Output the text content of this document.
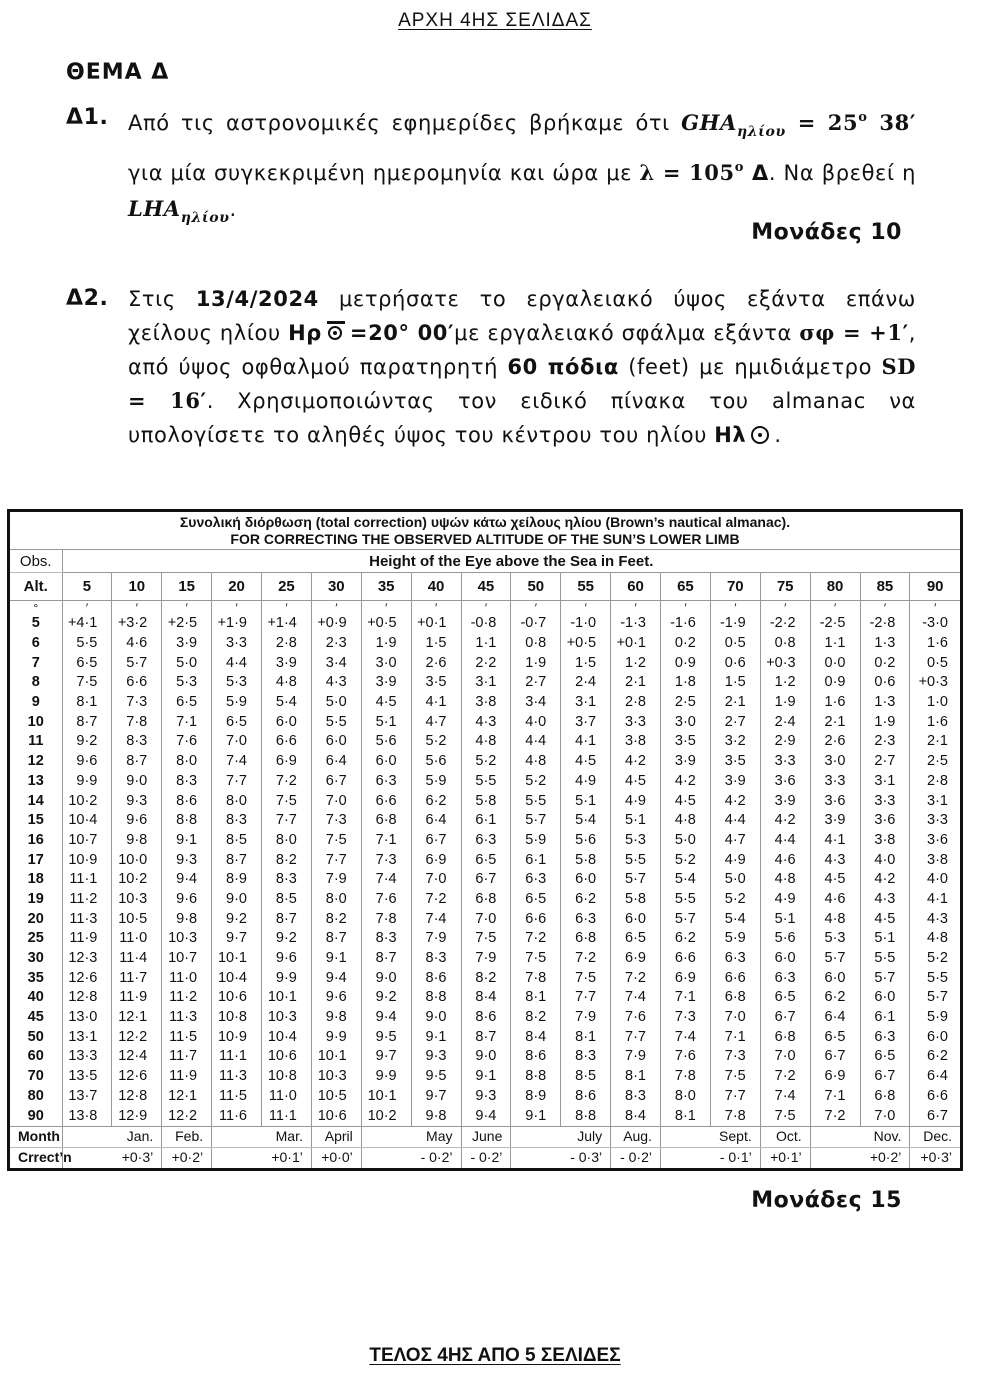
ΑΡΧΗ 4ΗΣ ΣΕΛΙΔΑΣ
ΘΕΜΑ Δ
Δ1. Από τις αστρονομικές εφημερίδες βρήκαμε ότι $GHA_{\eta\lambda ίo\upsilon} = 25^o$ 38′ για μία συγκεκριμένη ημερομηνία και ώρα με $\lambda = 105^o$ Δ. Να βρεθεί η $LHA_{\eta\lambda ίo\upsilon}$.
Μονάδες 10
Δ2. Στις 13/4/2024 μετρήσατε το εργαλειακό ύψος εξάντα επάνω χείλους ηλίου Ηρ =20° 00′με εργαλειακό σφάλμα εξάντα σφ = +1′, από ύψος οφθαλμού παρατηρητή 60 πόδια (feet) με ημιδιάμετρο SD = 16′. Χρησιμοποιώντας τον ειδικό πίνακα του almanac να υπολογίσετε το αληθές ύψος του κέντρου του ηλίου Ηλ .
Συνολική διόρθωση (total correction) υψών κάτω χείλους ηλίου (Brown’s nautical almanac).
FOR CORRECTING THE OBSERVED ALTITUDE OF THE SUN’S LOWER LIMB																		

Obs.	Height of the Eye above the Sea in Feet.																	
Alt.	5	10	15	20	25	30	35	40	45	50	55	60	65	70	75	80	85	90
°	′	′	′	′	′	′	′	′	′	′	′	′	′	′	′	′	′	′
5	+4·1	+3·2	+2·5	+1·9	+1·4	+0·9	+0·5	+0·1	-0·8	-0·7	-1·0	-1·3	-1·6	-1·9	-2·2	-2·5	-2·8	-3·0
6	5·5	4·6	3·9	3·3	2·8	2·3	1·9	1·5	1·1	0·8	+0·5	+0·1	0·2	0·5	0·8	1·1	1·3	1·6
7	6·5	5·7	5·0	4·4	3·9	3·4	3·0	2·6	2·2	1·9	1·5	1·2	0·9	0·6	+0·3	0·0	0·2	0·5
8	7·5	6·6	5·3	5·3	4·8	4·3	3·9	3·5	3·1	2·7	2·4	2·1	1·8	1·5	1·2	0·9	0·6	+0·3
9	8·1	7·3	6·5	5·9	5·4	5·0	4·5	4·1	3·8	3·4	3·1	2·8	2·5	2·1	1·9	1·6	1·3	1·0
10	8·7	7·8	7·1	6·5	6·0	5·5	5·1	4·7	4·3	4·0	3·7	3·3	3·0	2·7	2·4	2·1	1·9	1·6
11	9·2	8·3	7·6	7·0	6·6	6·0	5·6	5·2	4·8	4·4	4·1	3·8	3·5	3·2	2·9	2·6	2·3	2·1
12	9·6	8·7	8·0	7·4	6·9	6·4	6·0	5·6	5·2	4·8	4·5	4·2	3·9	3·5	3·3	3·0	2·7	2·5
13	9·9	9·0	8·3	7·7	7·2	6·7	6·3	5·9	5·5	5·2	4·9	4·5	4·2	3·9	3·6	3·3	3·1	2·8
14	10·2	9·3	8·6	8·0	7·5	7·0	6·6	6·2	5·8	5·5	5·1	4·9	4·5	4·2	3·9	3·6	3·3	3·1
15	10·4	9·6	8·8	8·3	7·7	7·3	6·8	6·4	6·1	5·7	5·4	5·1	4·8	4·4	4·2	3·9	3·6	3·3
16	10·7	9·8	9·1	8·5	8·0	7·5	7·1	6·7	6·3	5·9	5·6	5·3	5·0	4·7	4·4	4·1	3·8	3·6
17	10·9	10·0	9·3	8·7	8·2	7·7	7·3	6·9	6·5	6·1	5·8	5·5	5·2	4·9	4·6	4·3	4·0	3·8
18	11·1	10·2	9·4	8·9	8·3	7·9	7·4	7·0	6·7	6·3	6·0	5·7	5·4	5·0	4·8	4·5	4·2	4·0
19	11·2	10·3	9·6	9·0	8·5	8·0	7·6	7·2	6·8	6·5	6·2	5·8	5·5	5·2	4·9	4·6	4·3	4·1
20	11·3	10·5	9·8	9·2	8·7	8·2	7·8	7·4	7·0	6·6	6·3	6·0	5·7	5·4	5·1	4·8	4·5	4·3
25	11·9	11·0	10·3	9·7	9·2	8·7	8·3	7·9	7·5	7·2	6·8	6·5	6·2	5·9	5·6	5·3	5·1	4·8
30	12·3	11·4	10·7	10·1	9·6	9·1	8·7	8·3	7·9	7·5	7·2	6·9	6·6	6·3	6·0	5·7	5·5	5·2
35	12·6	11·7	11·0	10·4	9·9	9·4	9·0	8·6	8·2	7·8	7·5	7·2	6·9	6·6	6·3	6·0	5·7	5·5
40	12·8	11·9	11·2	10·6	10·1	9·6	9·2	8·8	8·4	8·1	7·7	7·4	7·1	6·8	6·5	6·2	6·0	5·7
45	13·0	12·1	11·3	10·8	10·3	9·8	9·4	9·0	8·6	8·2	7·9	7·6	7·3	7·0	6·7	6·4	6·1	5·9
50	13·1	12·2	11·5	10·9	10·4	9·9	9·5	9·1	8·7	8·4	8·1	7·7	7·4	7·1	6·8	6·5	6·3	6·0
60	13·3	12·4	11·7	11·1	10·6	10·1	9·7	9·3	9·0	8·6	8·3	7·9	7·6	7·3	7·0	6·7	6·5	6·2
70	13·5	12·6	11·9	11·3	10·8	10·3	9·9	9·5	9·1	8·8	8·5	8·1	7·8	7·5	7·2	6·9	6·7	6·4
80	13·7	12·8	12·1	11·5	11·0	10·5	10·1	9·7	9·3	8·9	8·6	8·3	8·0	7·7	7·4	7·1	6·8	6·6
90	13·8	12·9	12·2	11·6	11·1	10·6	10·2	9·8	9·4	9·1	8·8	8·4	8·1	7·8	7·5	7·2	7·0	6·7
Month	Jan.		Feb.	Mar.		April	May		June	July		Aug.	Sept.		Oct.	Nov.		Dec.
Crrect’n	+0·3’		+0·2’	+0·1’		+0·0’	- 0·2’		- 0·2’	- 0·3’		- 0·2’	- 0·1’		+0·1’	+0·2’		+0·3’
Μονάδες 15
ΤΕΛΟΣ 4ΗΣ ΑΠΟ 5 ΣΕΛΙΔΕΣ
